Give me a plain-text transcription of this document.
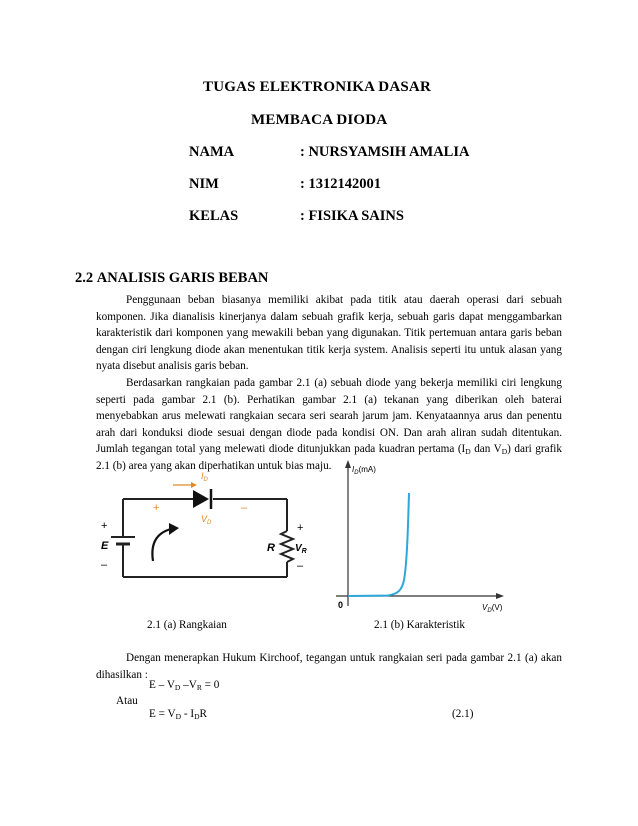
TUGAS ELEKTRONIKA DASAR
MEMBACA DIODA
NAMA	: NURSYAMSIH AMALIA
NIM	: 1312142001
KELAS	: FISIKA SAINS
2.2 ANALISIS GARIS BEBAN
Penggunaan beban biasanya memiliki akibat pada titik atau daerah operasi dari sebuah
komponen. Jika dianalisis kinerjanya dalam sebuah grafik kerja, sebuah garis dapat menggambarkan
karakteristik dari komponen yang mewakili beban yang digunakan. Titik pertemuan antara garis beban
dengan ciri lengkung diode akan menentukan titik kerja system. Analisis seperti itu untuk alasan yang
nyata disebut analisis garis beban.
Berdasarkan rangkaian pada gambar 2.1 (a) sebuah diode yang bekerja memiliki ciri lengkung
seperti pada gambar 2.1 (b). Perhatikan gambar 2.1 (a) tekanan yang diberikan oleh baterai
menyebabkan arus melewati rangkaian secara seri searah jarum jam. Kenyataannya arus dan penentu
arah dari konduksi diode sesuai dengan diode pada kondisi ON. Dan arah aliran sudah ditentukan.
Jumlah tegangan total yang melewati diode ditunjukkan pada kuadran pertama ($I_D$ dan $V_D$) dari grafik
2.1 (b) area yang akan diperhatikan untuk bias maju.
E
+
–
+	–
R
+
–
$V_R$
$I_D$
$V_D$
$I_D(mA)$
$V_D(V)$
0
2.1 (a) Rangkaian	2.1 (b) Karakteristik
Dengan menerapkan Hukum Kirchoof, tegangan untuk rangkaian seri pada gambar 2.1 (a) akan
dihasilkan :
E – $V_D$ $-V_R = 0$
Atau
$E = V_D - I_DR$	(2.1)
